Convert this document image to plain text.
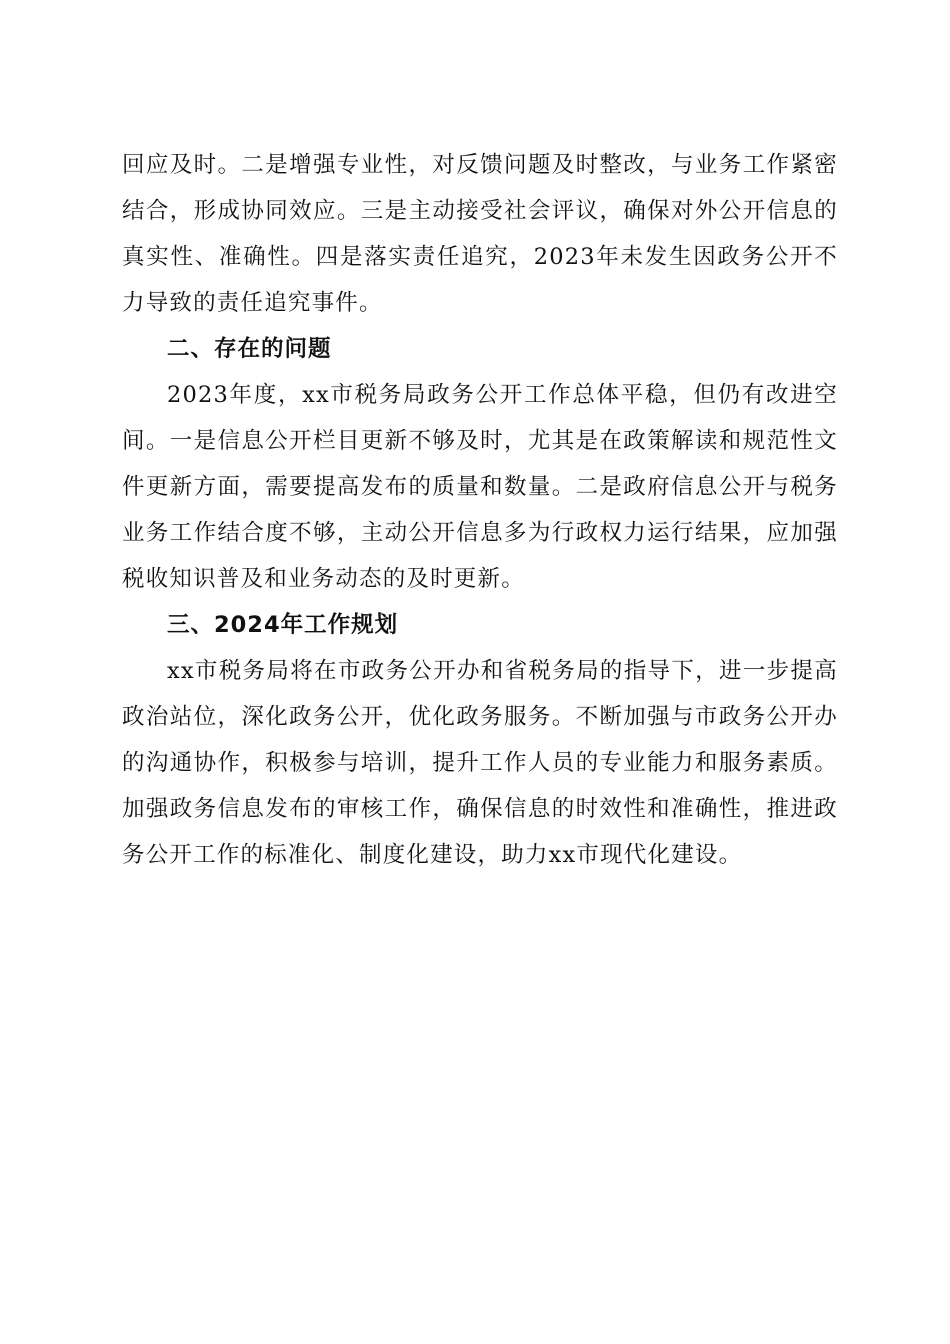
回应及时。二是增强专业性，对反馈问题及时整改，与业务工作紧密结合，形成协同效应。三是主动接受社会评议，确保对外公开信息的真实性、准确性。四是落实责任追究，2023年未发生因政务公开不力导致的责任追究事件。

二、存在的问题

2023年度，xx市税务局政务公开工作总体平稳，但仍有改进空间。一是信息公开栏目更新不够及时，尤其是在政策解读和规范性文件更新方面，需要提高发布的质量和数量。二是政府信息公开与税务业务工作结合度不够，主动公开信息多为行政权力运行结果，应加强税收知识普及和业务动态的及时更新。

三、2024年工作规划

xx市税务局将在市政务公开办和省税务局的指导下，进一步提高政治站位，深化政务公开，优化政务服务。不断加强与市政务公开办的沟通协作，积极参与培训，提升工作人员的专业能力和服务素质。加强政务信息发布的审核工作，确保信息的时效性和准确性，推进政务公开工作的标准化、制度化建设，助力xx市现代化建设。
